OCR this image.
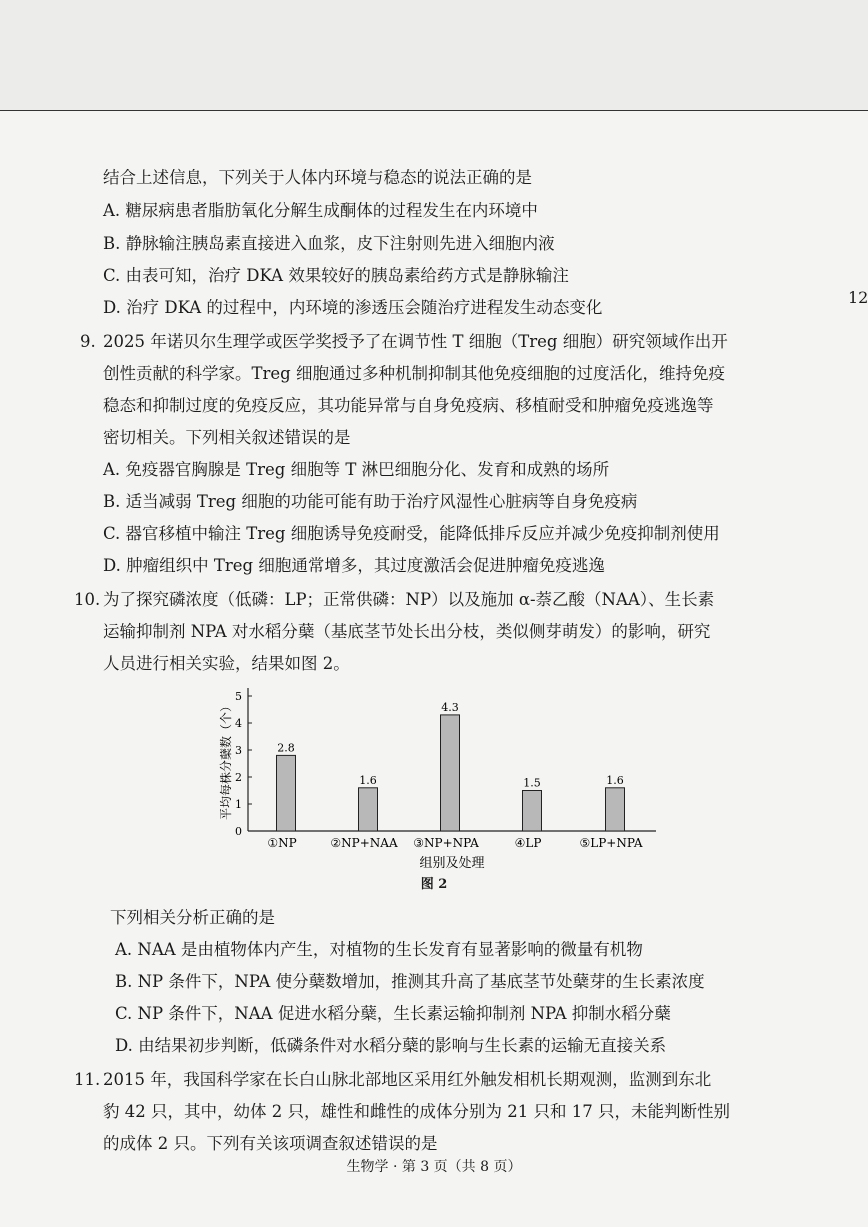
12
结合上述信息，下列关于人体内环境与稳态的说法正确的是
A. 糖尿病患者脂肪氧化分解生成酮体的过程发生在内环境中
B. 静脉输注胰岛素直接进入血浆，皮下注射则先进入细胞内液
C. 由表可知，治疗 DKA 效果较好的胰岛素给药方式是静脉输注
D. 治疗 DKA 的过程中，内环境的渗透压会随治疗进程发生动态变化
9. 2025 年诺贝尔生理学或医学奖授予了在调节性 T 细胞（Treg 细胞）研究领域作出开
创性贡献的科学家。Treg 细胞通过多种机制抑制其他免疫细胞的过度活化，维持免疫
稳态和抑制过度的免疫反应，其功能异常与自身免疫病、移植耐受和肿瘤免疫逃逸等
密切相关。下列相关叙述错误的是
A. 免疫器官胸腺是 Treg 细胞等 T 淋巴细胞分化、发育和成熟的场所
B. 适当减弱 Treg 细胞的功能可能有助于治疗风湿性心脏病等自身免疫病
C. 器官移植中输注 Treg 细胞诱导免疫耐受，能降低排斥反应并减少免疫抑制剂使用
D. 肿瘤组织中 Treg 细胞通常增多，其过度激活会促进肿瘤免疫逃逸
10. 为了探究磷浓度（低磷：LP；正常供磷：NP）以及施加 α-萘乙酸（NAA）、生长素
运输抑制剂 NPA 对水稻分蘖（基底茎节处长出分枝，类似侧芽萌发）的影响，研究
人员进行相关实验，结果如图 2。
平均每株分蘖数（个）
0
1
2
3
4
5
2.8
1.6
4.3
1.5	1.6
①NP	②NP+NAA ③NP+NPA	④LP	⑤LP+NPA
组别及处理
图 2
下列相关分析正确的是
A. NAA 是由植物体内产生，对植物的生长发育有显著影响的微量有机物
B. NP 条件下，NPA 使分蘖数增加，推测其升高了基底茎节处蘖芽的生长素浓度
C. NP 条件下，NAA 促进水稻分蘖，生长素运输抑制剂 NPA 抑制水稻分蘖
D. 由结果初步判断，低磷条件对水稻分蘖的影响与生长素的运输无直接关系
11. 2015 年，我国科学家在长白山脉北部地区采用红外触发相机长期观测，监测到东北
豹 42 只，其中，幼体 2 只，雄性和雌性的成体分别为 21 只和 17 只，未能判断性别
的成体 2 只。下列有关该项调查叙述错误的是
生物学 · 第 3 页（共 8 页）
